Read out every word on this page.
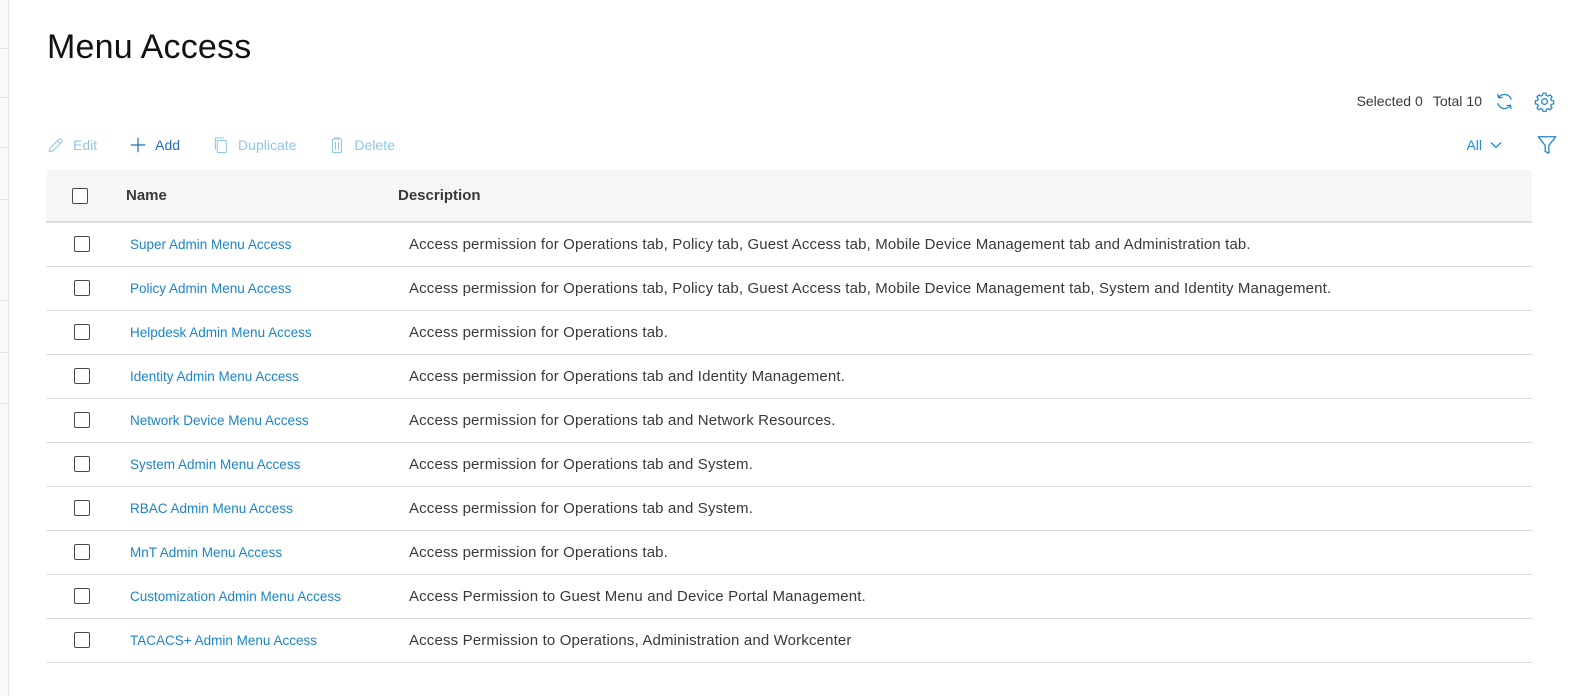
Menu Access
Selected 0 Total 10
Edit	Add	Duplicate	Delete	All
	Name	Description

	Super Admin Menu Access	Access permission for Operations tab, Policy tab, Guest Access tab, Mobile Device Management tab and Administration tab.

	Policy Admin Menu Access	Access permission for Operations tab, Policy tab, Guest Access tab, Mobile Device Management tab, System and Identity Management.

	Helpdesk Admin Menu Access	Access permission for Operations tab.

	Identity Admin Menu Access	Access permission for Operations tab and Identity Management.

	Network Device Menu Access	Access permission for Operations tab and Network Resources.

	System Admin Menu Access	Access permission for Operations tab and System.

	RBAC Admin Menu Access	Access permission for Operations tab and System.

	MnT Admin Menu Access	Access permission for Operations tab.

	Customization Admin Menu Access	Access Permission to Guest Menu and Device Portal Management.

	TACACS+ Admin Menu Access	Access Permission to Operations, Administration and Workcenter
